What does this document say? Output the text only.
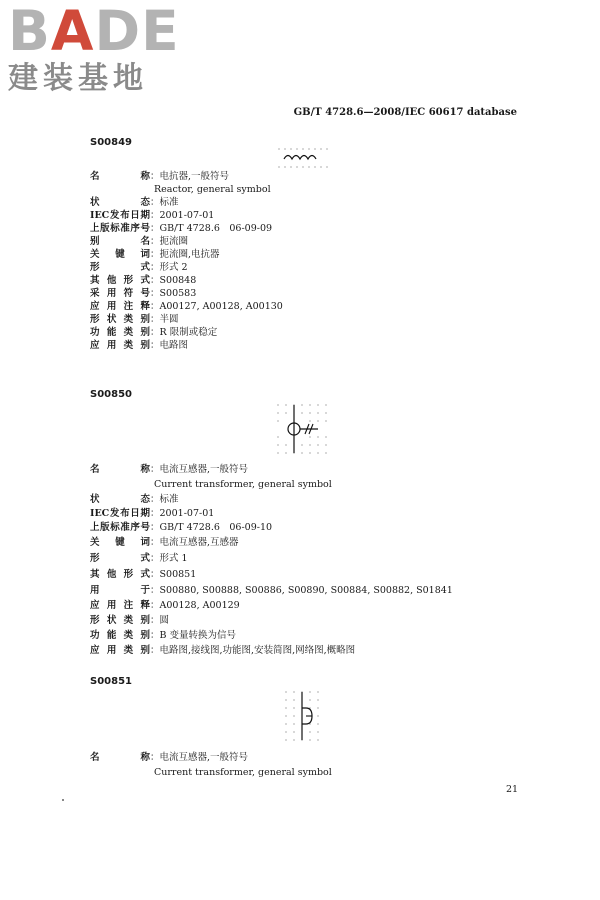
BADE
建装基地
GB/T 4728.6—2008/IEC 60617 database
S00849
名称：电抗器,一般符号
Reactor, general symbol
状态：标准
IEC发布日期：2001-07-01
上版标准序号：GB/T 4728.6　06-09-09
别名：扼流圈
关键词：扼流圈,电抗器
形式：形式 2
其他形式：S00848
采用符号：S00583
应用注释：A00127, A00128, A00130
形状类别：半圆
功能类别：R 限制或稳定
应用类别：电路图
S00850
名称：电流互感器,一般符号
Current transformer, general symbol
状态：标准
IEC发布日期：2001-07-01
上版标准序号：GB/T 4728.6　06-09-10
关键词：电流互感器,互感器
形式：形式 1
其他形式：S00851
用于：S00880, S00888, S00886, S00890, S00884, S00882, S01841
应用注释：A00128, A00129
形状类别：圆
功能类别：B 变量转换为信号
应用类别：电路图,接线图,功能图,安装简图,网络图,概略图
S00851
名称：电流互感器,一般符号
Current transformer, general symbol
21
